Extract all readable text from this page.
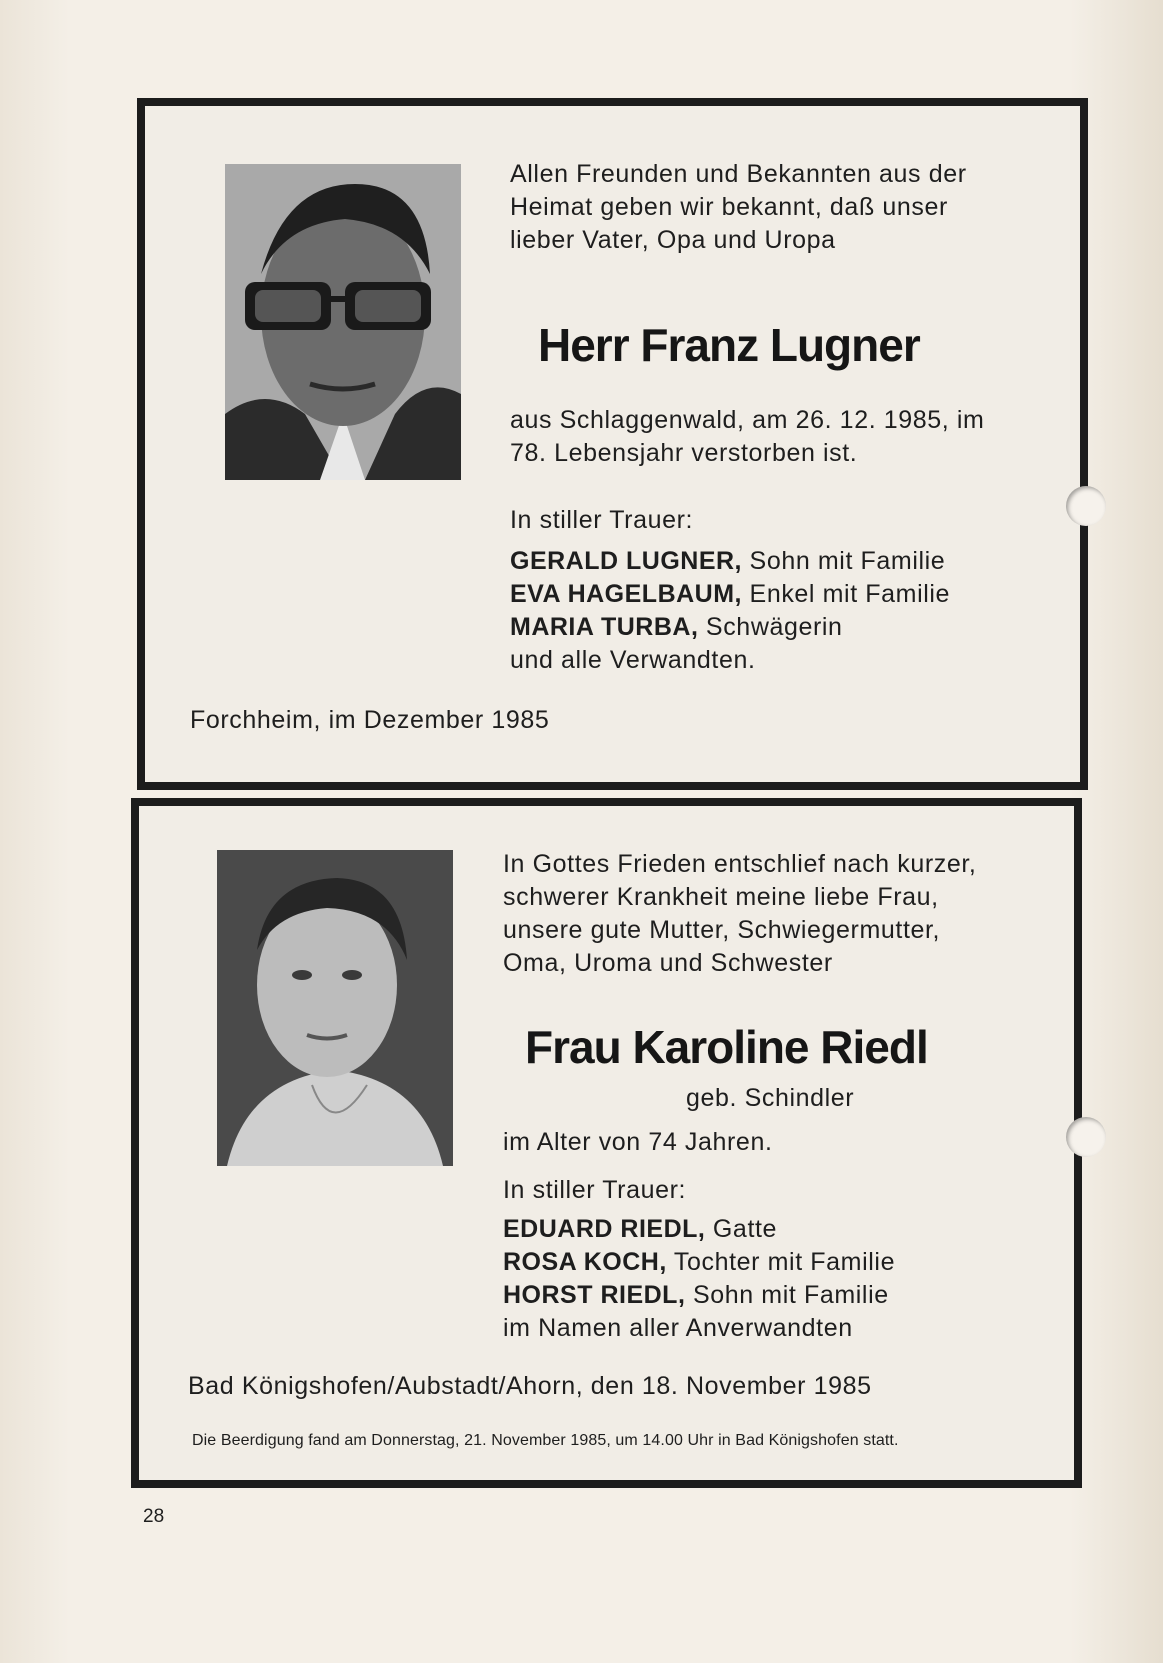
Allen Freunden und Bekannten aus der
Heimat geben wir bekannt, daß unser
lieber Vater, Opa und Uropa
Herr Franz Lugner
aus Schlaggenwald, am 26. 12. 1985, im
78. Lebensjahr verstorben ist.
In stiller Trauer:
GERALD LUGNER, Sohn mit Familie
EVA HAGELBAUM, Enkel mit Familie
MARIA TURBA, Schwägerin
und alle Verwandten.
Forchheim, im Dezember 1985
In Gottes Frieden entschlief nach kurzer,
schwerer Krankheit meine liebe Frau,
unsere gute Mutter, Schwiegermutter,
Oma, Uroma und Schwester
Frau Karoline Riedl
geb. Schindler
im Alter von 74 Jahren.
In stiller Trauer:
EDUARD RIEDL, Gatte
ROSA KOCH, Tochter mit Familie
HORST RIEDL, Sohn mit Familie
im Namen aller Anverwandten
Bad Königshofen/Aubstadt/Ahorn, den 18. November 1985
Die Beerdigung fand am Donnerstag, 21. November 1985, um 14.00 Uhr in Bad Königshofen statt.
28
